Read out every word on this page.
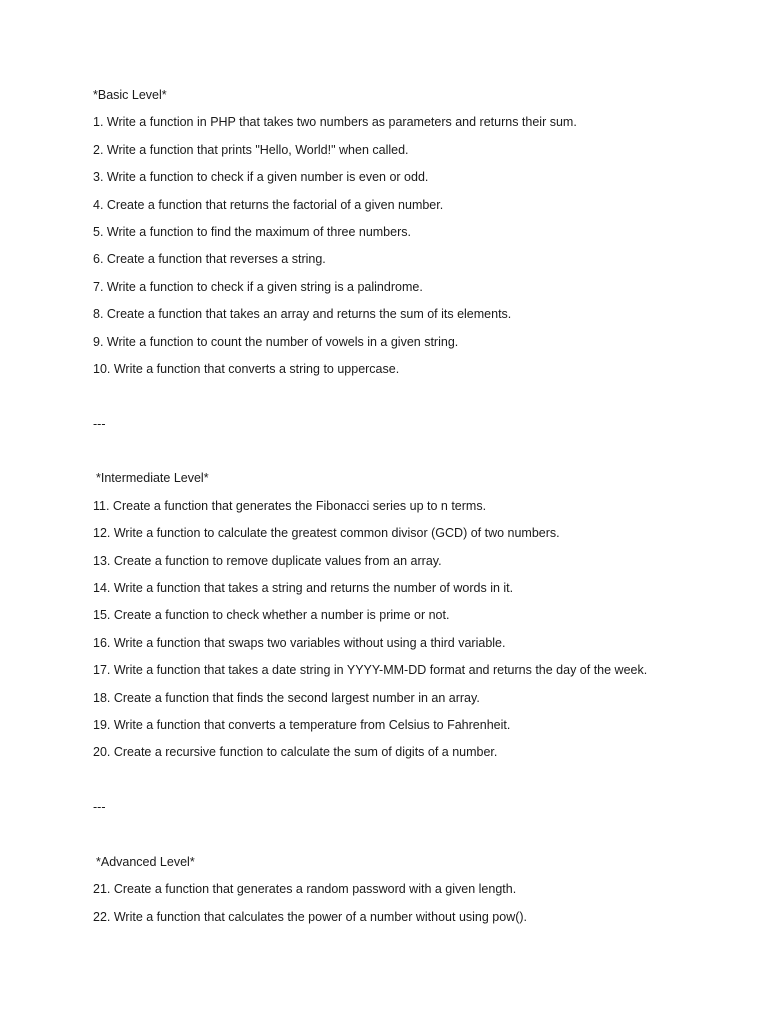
*Basic Level*
1. Write a function in PHP that takes two numbers as parameters and returns their sum.
2. Write a function that prints "Hello, World!" when called.
3. Write a function to check if a given number is even or odd.
4. Create a function that returns the factorial of a given number.
5. Write a function to find the maximum of three numbers.
6. Create a function that reverses a string.
7. Write a function to check if a given string is a palindrome.
8. Create a function that takes an array and returns the sum of its elements.
9. Write a function to count the number of vowels in a given string.
10. Write a function that converts a string to uppercase.
---
*Intermediate Level*
11. Create a function that generates the Fibonacci series up to n terms.
12. Write a function to calculate the greatest common divisor (GCD) of two numbers.
13. Create a function to remove duplicate values from an array.
14. Write a function that takes a string and returns the number of words in it.
15. Create a function to check whether a number is prime or not.
16. Write a function that swaps two variables without using a third variable.
17. Write a function that takes a date string in YYYY-MM-DD format and returns the day of the week.
18. Create a function that finds the second largest number in an array.
19. Write a function that converts a temperature from Celsius to Fahrenheit.
20. Create a recursive function to calculate the sum of digits of a number.
---
*Advanced Level*
21. Create a function that generates a random password with a given length.
22. Write a function that calculates the power of a number without using pow().
